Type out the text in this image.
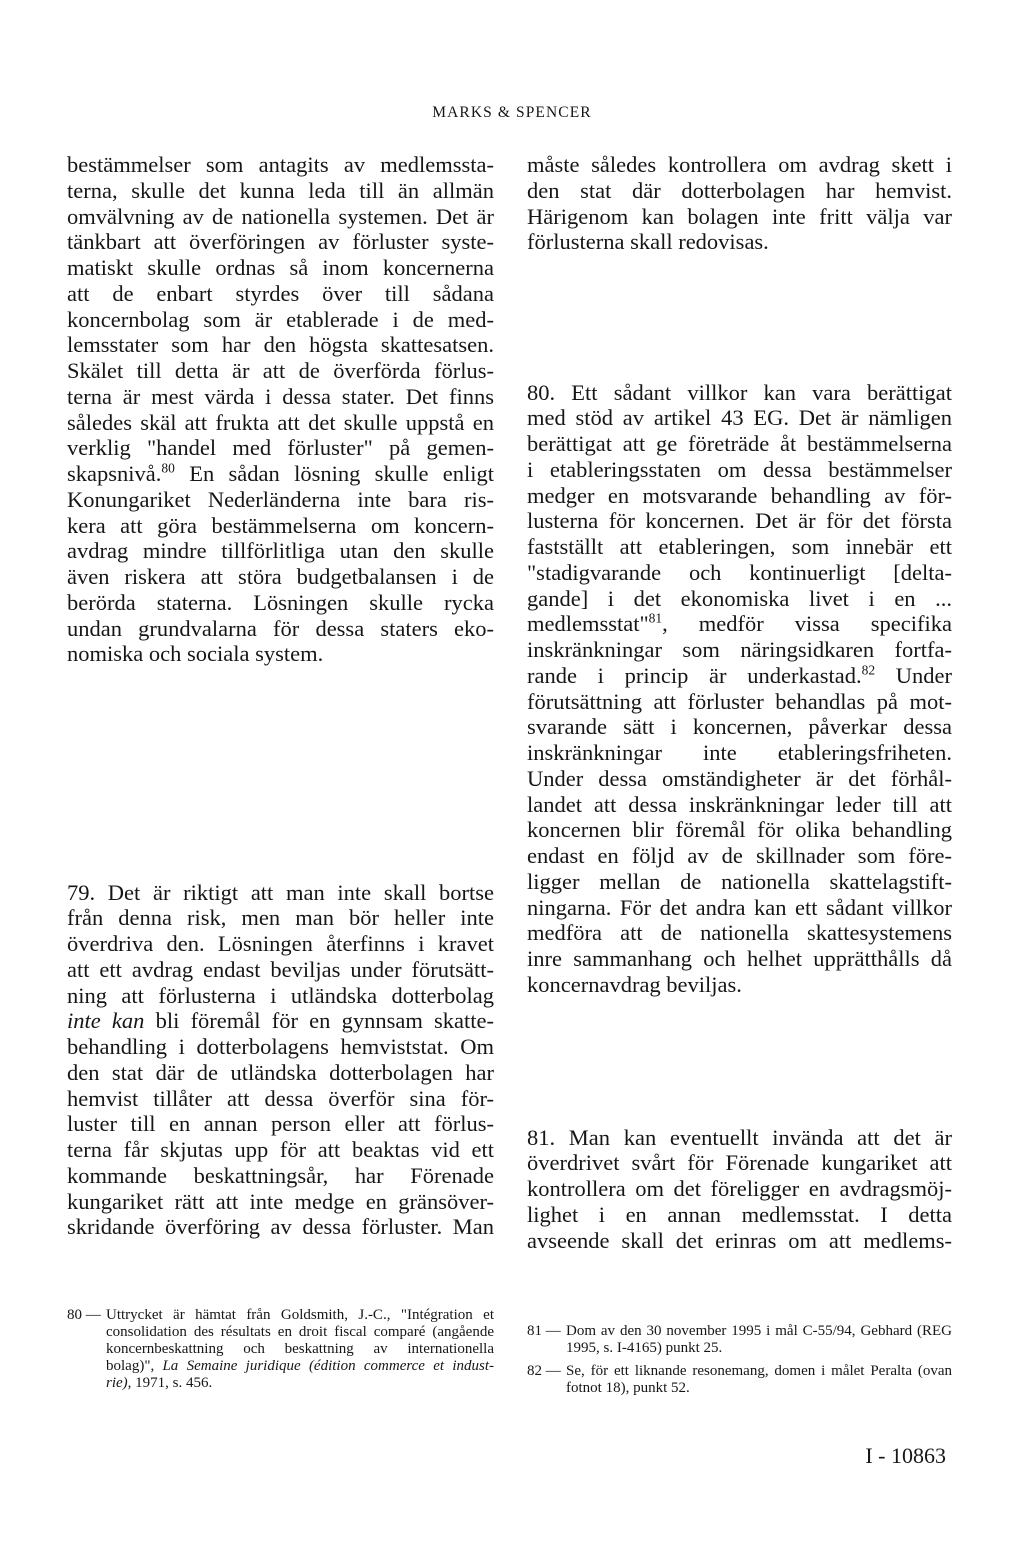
MARKS & SPENCER
bestämmelser som antagits av medlemssta-
terna, skulle det kunna leda till än allmän
omvälvning av de nationella systemen. Det är
tänkbart att överföringen av förluster syste-
matiskt skulle ordnas så inom koncernerna
att de enbart styrdes över till sådana
koncernbolag som är etablerade i de med-
lemsstater som har den högsta skattesatsen.
Skälet till detta är att de överförda förlus-
terna är mest värda i dessa stater. Det finns
således skäl att frukta att det skulle uppstå en
verklig "handel med förluster" på gemen-
skapsnivå.$^{80}$ En sådan lösning skulle enligt
Konungariket Nederländerna inte bara ris-
kera att göra bestämmelserna om koncern-
avdrag mindre tillförlitliga utan den skulle
även riskera att störa budgetbalansen i de
berörda staterna. Lösningen skulle rycka
undan grundvalarna för dessa staters eko-
nomiska och sociala system.
79. Det är riktigt att man inte skall bortse
från denna risk, men man bör heller inte
överdriva den. Lösningen återfinns i kravet
att ett avdrag endast beviljas under förutsätt-
ning att förlusterna i utländska dotterbolag
inte kan bli föremål för en gynnsam skatte-
behandling i dotterbolagens hemviststat. Om
den stat där de utländska dotterbolagen har
hemvist tillåter att dessa överför sina för-
luster till en annan person eller att förlus-
terna får skjutas upp för att beaktas vid ett
kommande beskattningsår, har Förenade
kungariket rätt att inte medge en gränsöver-
skridande överföring av dessa förluster. Man
måste således kontrollera om avdrag skett i
den stat där dotterbolagen har hemvist.
Härigenom kan bolagen inte fritt välja var
förlusterna skall redovisas.
80. Ett sådant villkor kan vara berättigat
med stöd av artikel 43 EG. Det är nämligen
berättigat att ge företräde åt bestämmelserna
i etableringsstaten om dessa bestämmelser
medger en motsvarande behandling av för-
lusterna för koncernen. Det är för det första
fastställt att etableringen, som innebär ett
"stadigvarande och kontinuerligt [delta-
gande] i det ekonomiska livet i en ...
medlemsstat"$^{81}$, medför vissa specifika
inskränkningar som näringsidkaren fortfa-
rande i princip är underkastad.$^{82}$ Under
förutsättning att förluster behandlas på mot-
svarande sätt i koncernen, påverkar dessa
inskränkningar inte etableringsfriheten.
Under dessa omständigheter är det förhål-
landet att dessa inskränkningar leder till att
koncernen blir föremål för olika behandling
endast en följd av de skillnader som före-
ligger mellan de nationella skattelagstift-
ningarna. För det andra kan ett sådant villkor
medföra att de nationella skattesystemens
inre sammanhang och helhet upprätthålls då
koncernavdrag beviljas.
81. Man kan eventuellt invända att det är
överdrivet svårt för Förenade kungariket att
kontrollera om det föreligger en avdragsmöj-
lighet i en annan medlemsstat. I detta
avseende skall det erinras om att medlems-
80 — Uttrycket är hämtat från Goldsmith, J.-C., "Intégration et
consolidation des résultats en droit fiscal comparé (angående
koncernbeskattning och beskattning av internationella
bolag)", La Semaine juridique (édition commerce et indust-
rie), 1971, s. 456.
81 — Dom av den 30 november 1995 i mål C-55/94, Gebhard (REG
1995, s. I-4165) punkt 25.
82 — Se, för ett liknande resonemang, domen i målet Peralta (ovan
fotnot 18), punkt 52.
I - 10863
